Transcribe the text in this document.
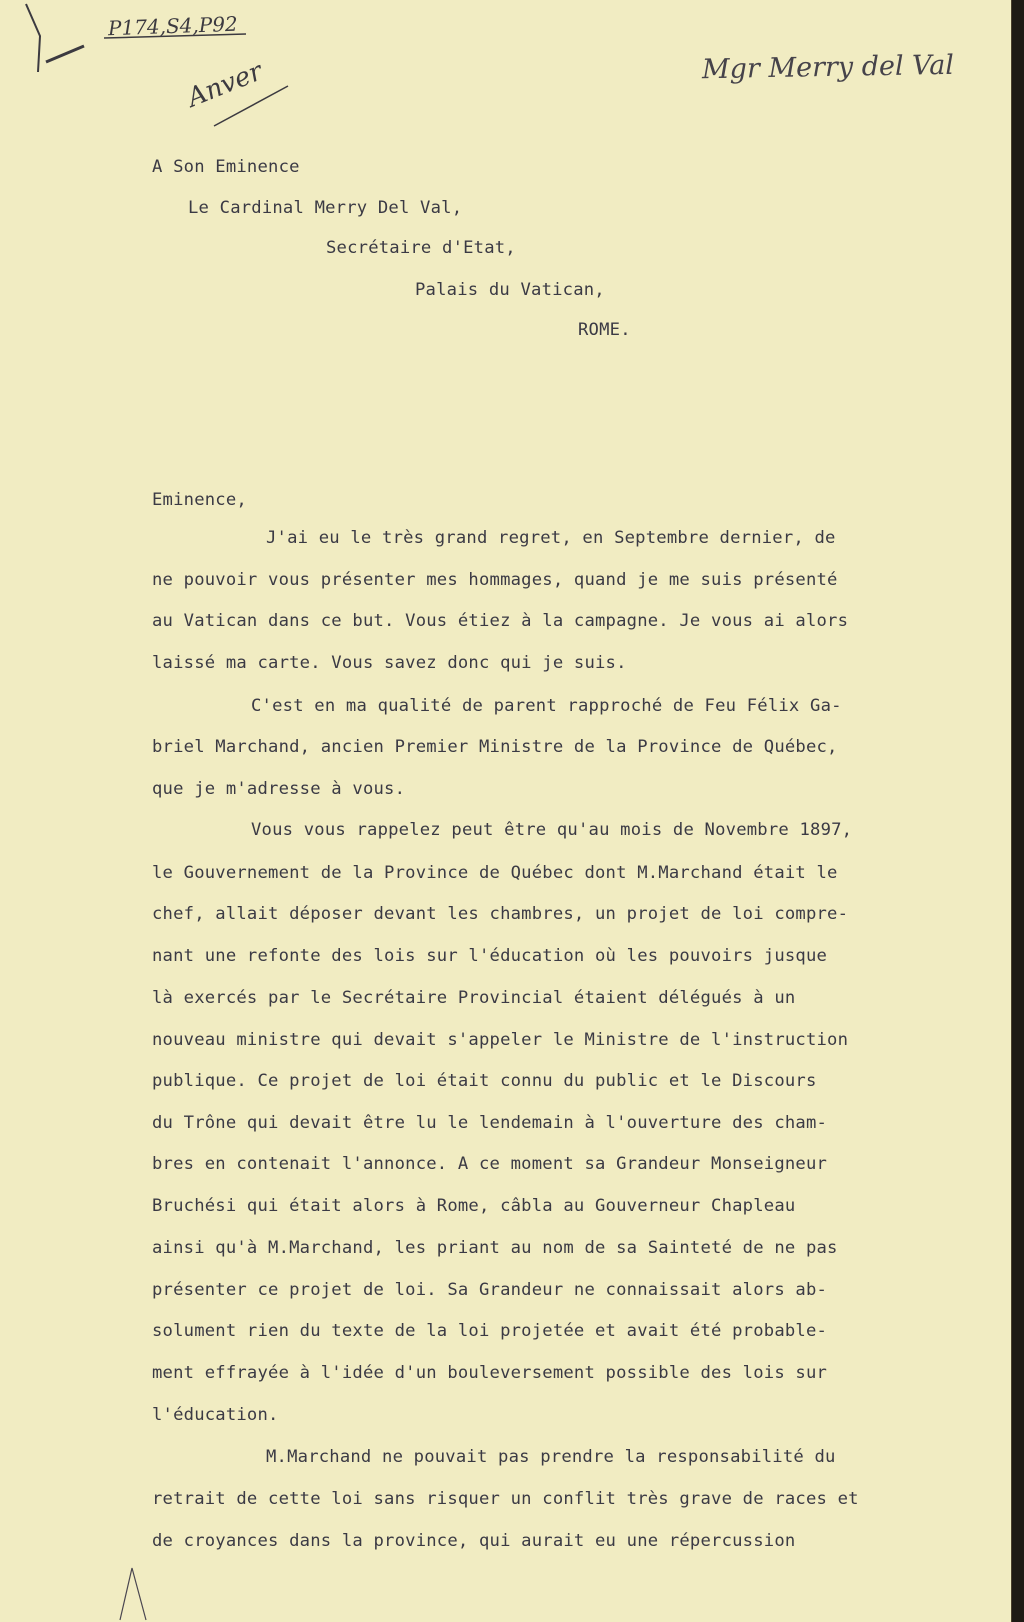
P174,S4,P92
Anver	Mgr Merry del Val
A Son Eminence
Le Cardinal Merry Del Val,
Secrétaire d'Etat,
Palais du Vatican,
ROME.
Eminence,
J'ai eu le très grand regret, en Septembre dernier, de
ne pouvoir vous présenter mes hommages, quand je me suis présenté
au Vatican dans ce but. Vous étiez à la campagne. Je vous ai alors
laissé ma carte. Vous savez donc qui je suis.
C'est en ma qualité de parent rapproché de Feu Félix Ga-
briel Marchand, ancien Premier Ministre de la Province de Québec,
que je m'adresse à vous.
Vous vous rappelez peut être qu'au mois de Novembre 1897,
le Gouvernement de la Province de Québec dont M.Marchand était le
chef, allait déposer devant les chambres, un projet de loi compre-
nant une refonte des lois sur l'éducation où les pouvoirs jusque
là exercés par le Secrétaire Provincial étaient délégués à un
nouveau ministre qui devait s'appeler le Ministre de l'instruction
publique. Ce projet de loi était connu du public et le Discours
du Trône qui devait être lu le lendemain à l'ouverture des cham-
bres en contenait l'annonce. A ce moment sa Grandeur Monseigneur
Bruchési qui était alors à Rome, câbla au Gouverneur Chapleau
ainsi qu'à M.Marchand, les priant au nom de sa Sainteté de ne pas
présenter ce projet de loi. Sa Grandeur ne connaissait alors ab-
solument rien du texte de la loi projetée et avait été probable-
ment effrayée à l'idée d'un bouleversement possible des lois sur
l'éducation.
M.Marchand ne pouvait pas prendre la responsabilité du
retrait de cette loi sans risquer un conflit très grave de races et
de croyances dans la province, qui aurait eu une répercussion
